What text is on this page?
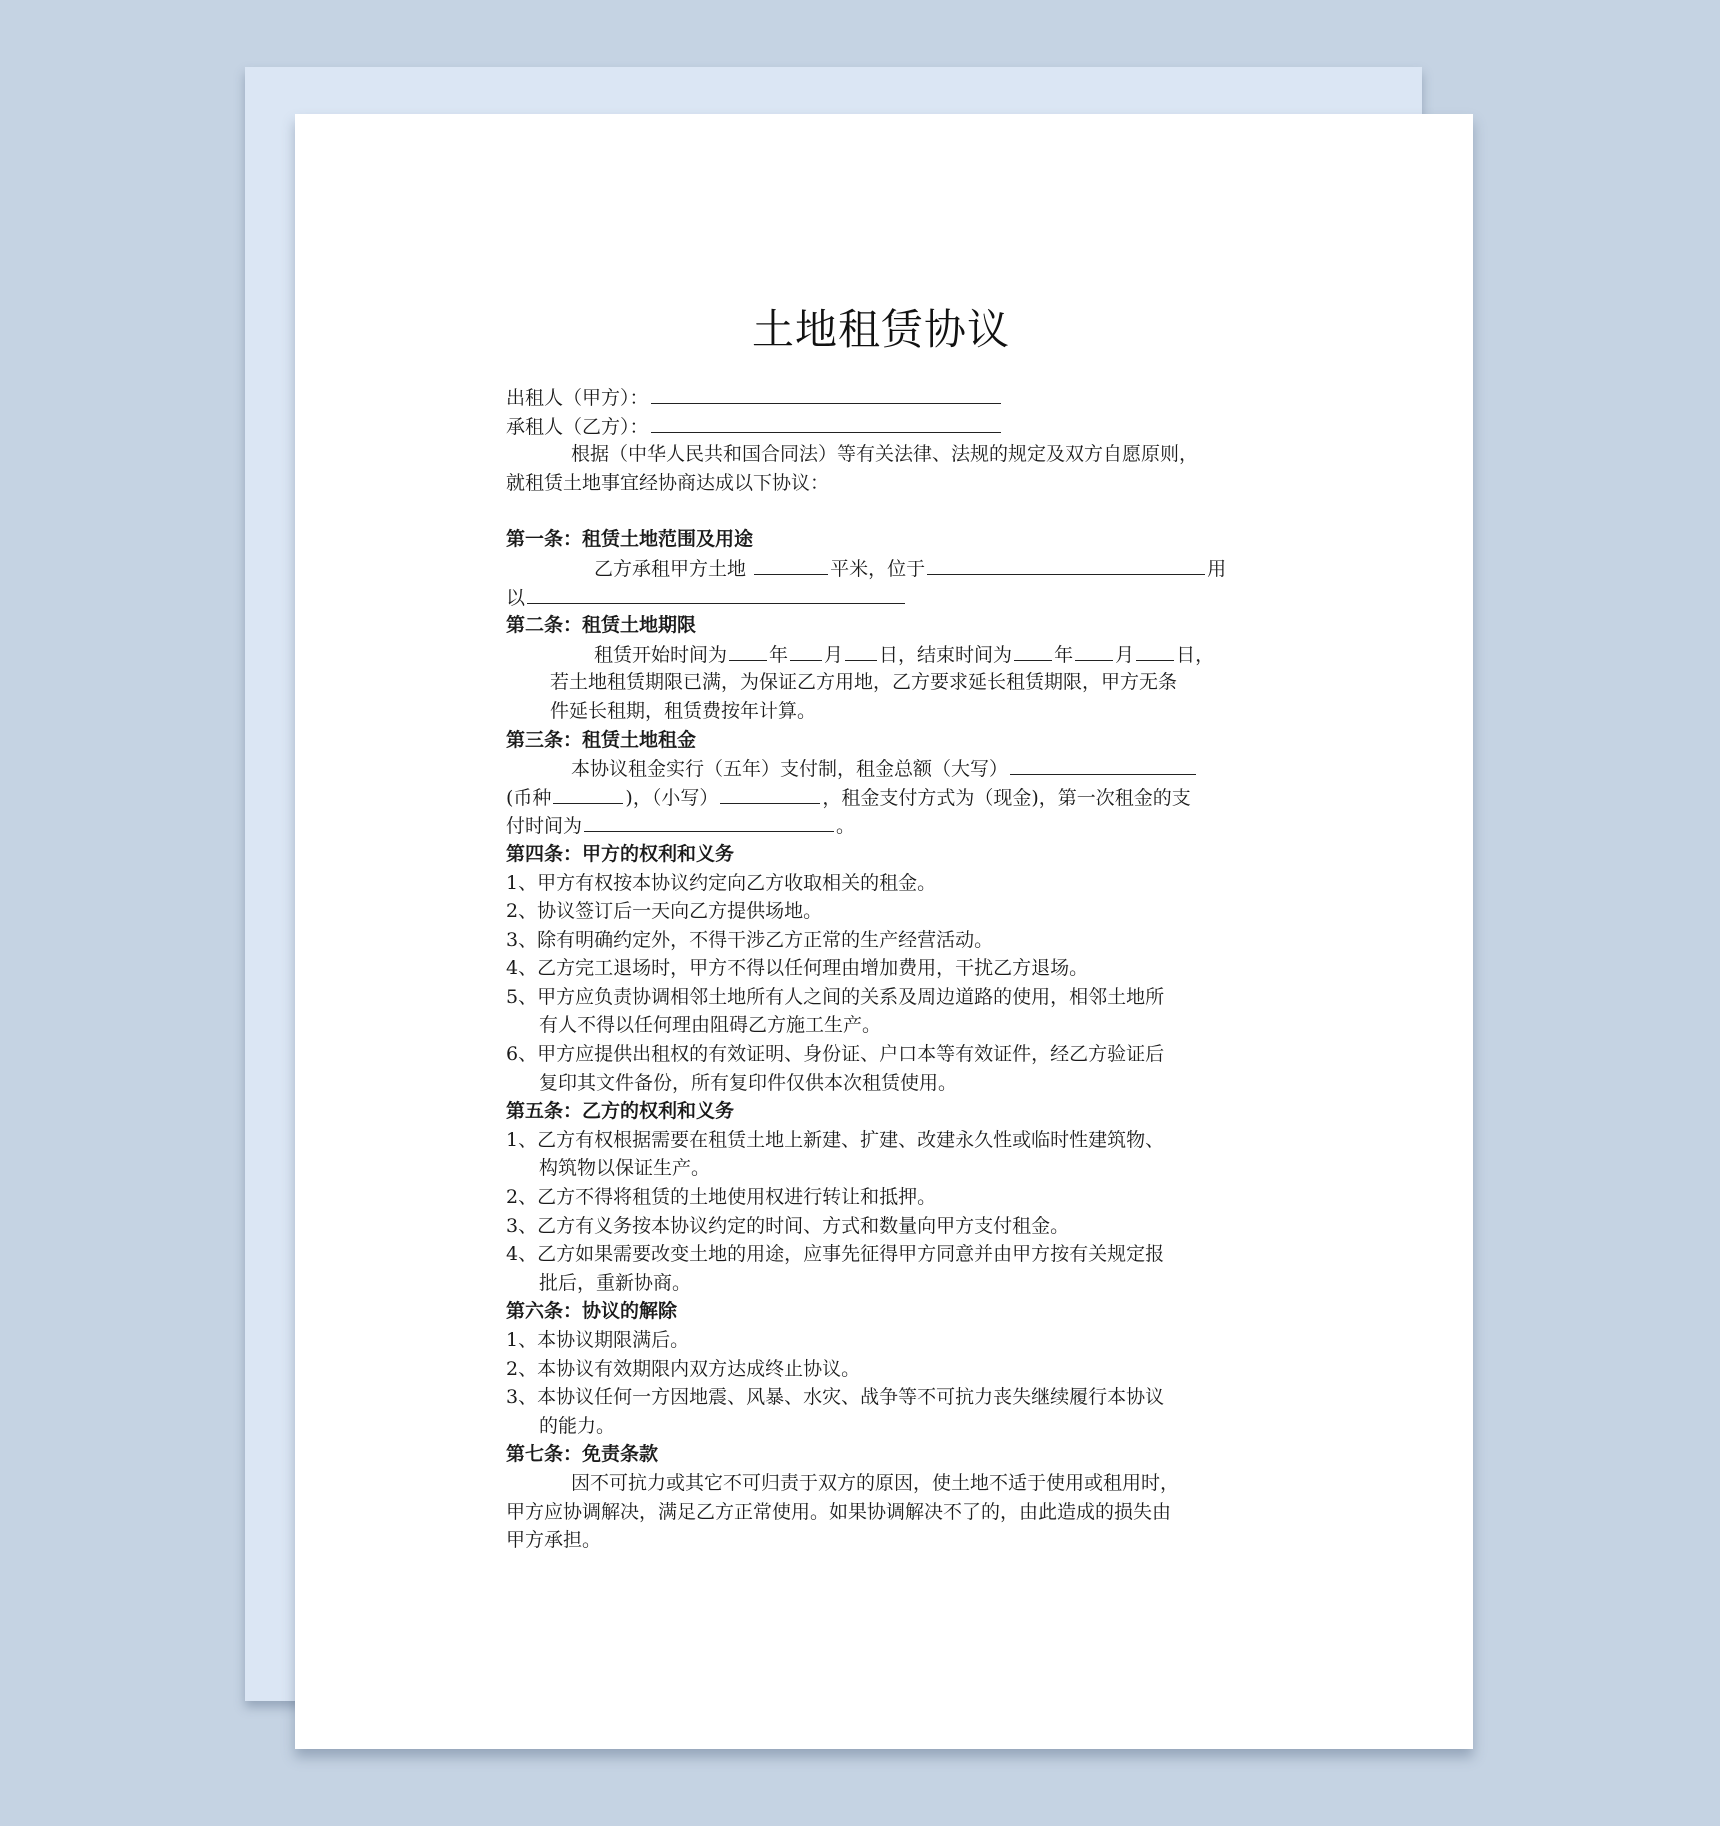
土地租赁协议
出租人（甲方）：
承租人（乙方）：
根据（中华人民共和国合同法）等有关法律、法规的规定及双方自愿原则，
就租赁土地事宜经协商达成以下协议：
第一条：租赁土地范围及用途
乙方承租甲方土地	平米，位于	用
以
第二条：租赁土地期限
租赁开始时间为 年 月 日，结束时间为 年 月 日，
若土地租赁期限已满，为保证乙方用地，乙方要求延长租赁期限，甲方无条
件延长租期，租赁费按年计算。
第三条：租赁土地租金
本协议租金实行（五年）支付制，租金总额（大写）
(币种	)，（小写）	，租金支付方式为（现金)，第一次租金的支
付时间为	。
第四条：甲方的权利和义务
1、甲方有权按本协议约定向乙方收取相关的租金。
2、协议签订后一天向乙方提供场地。
3、除有明确约定外，不得干涉乙方正常的生产经营活动。
4、乙方完工退场时，甲方不得以任何理由增加费用，干扰乙方退场。
5、甲方应负责协调相邻土地所有人之间的关系及周边道路的使用，相邻土地所
有人不得以任何理由阻碍乙方施工生产。
6、甲方应提供出租权的有效证明、身份证、户口本等有效证件，经乙方验证后
复印其文件备份，所有复印件仅供本次租赁使用。
第五条：乙方的权利和义务
1、乙方有权根据需要在租赁土地上新建、扩建、改建永久性或临时性建筑物、
构筑物以保证生产。
2、乙方不得将租赁的土地使用权进行转让和抵押。
3、乙方有义务按本协议约定的时间、方式和数量向甲方支付租金。
4、乙方如果需要改变土地的用途，应事先征得甲方同意并由甲方按有关规定报
批后，重新协商。
第六条：协议的解除
1、本协议期限满后。
2、本协议有效期限内双方达成终止协议。
3、本协议任何一方因地震、风暴、水灾、战争等不可抗力丧失继续履行本协议
的能力。
第七条：免责条款
因不可抗力或其它不可归责于双方的原因，使土地不适于使用或租用时，
甲方应协调解决，满足乙方正常使用。如果协调解决不了的，由此造成的损失由
甲方承担。
